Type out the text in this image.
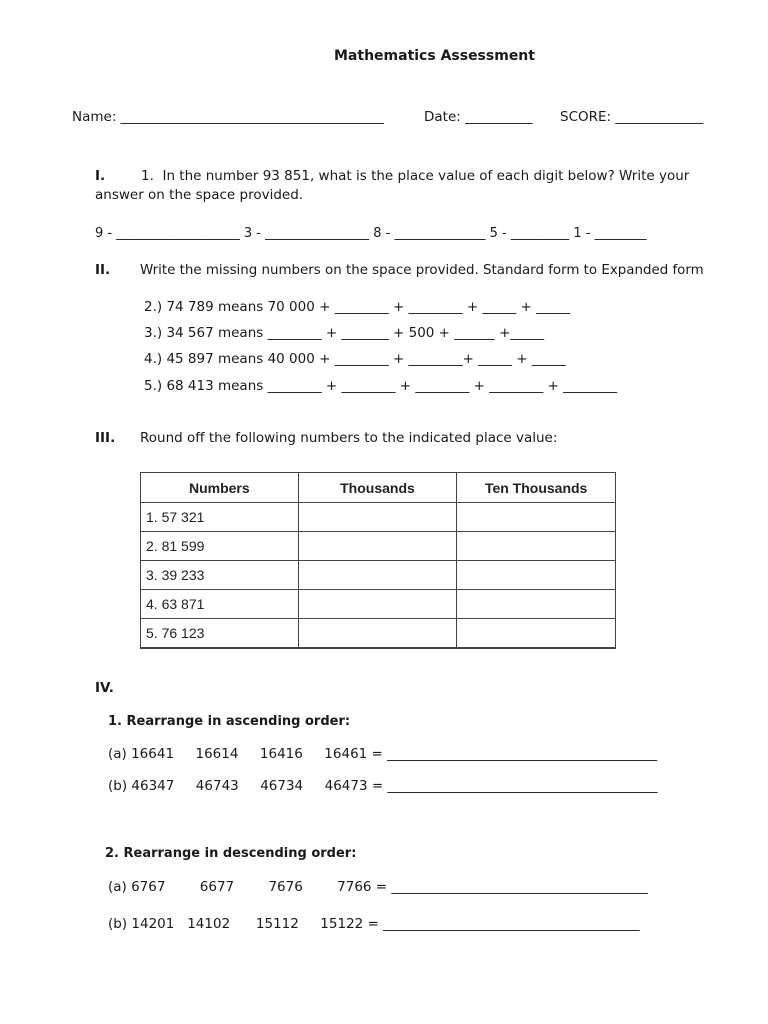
Mathematics Assessment
Name: _______________________________________	Date: __________ SCORE: _____________
I.	1.  In the number 93 851, what is the place value of each digit below? Write your
answer on the space provided.
9 - ___________________ 3 - ________________ 8 - ______________ 5 - _________ 1 - ________
II. Write the missing numbers on the space provided. Standard form to Expanded form
2.) 74 789 means 70 000 + ________ + ________ + _____ + _____
3.) 34 567 means ________ + _______ + 500 + ______ +_____
4.) 45 897 means 40 000 + ________ + ________+ _____ + _____
5.) 68 413 means ________ + ________ + ________ + ________ + ________
III. Round off the following numbers to the indicated place value:
Numbers	Thousands	Ten Thousands
1. 57 321		
2. 81 599		
3. 39 233		
4. 63 871		
5. 76 123		
IV.
1. Rearrange in ascending order:
(a) 16641     16614     16416     16461 = ________________________________________
(b) 46347     46743     46734     46473 = ________________________________________
2. Rearrange in descending order:
(a) 6767        6677        7676        7766 = ______________________________________
(b) 14201   14102      15112     15122 = ______________________________________
